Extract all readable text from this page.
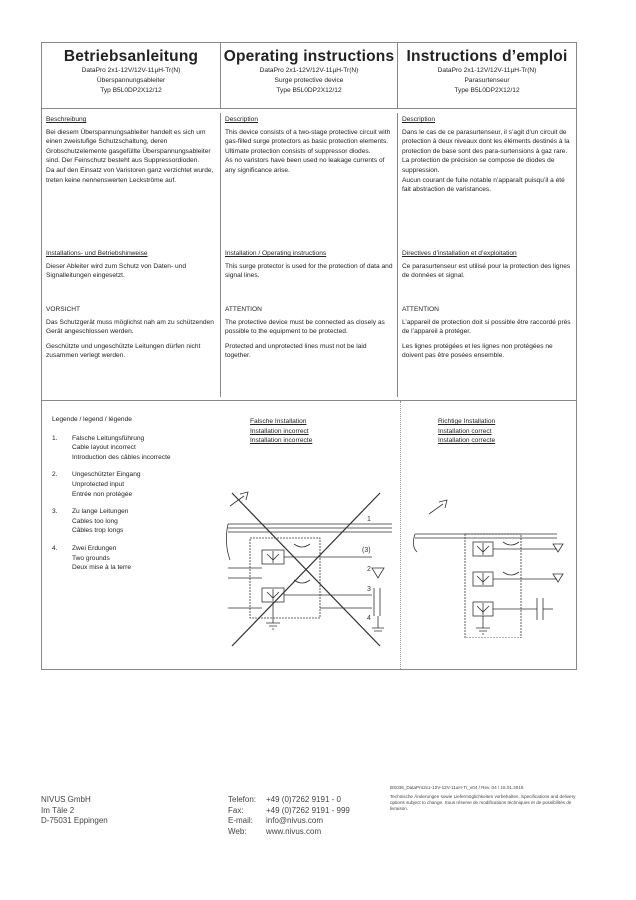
Betriebsanleitung
DataPro 2x1-12V/12V-11µH-Tr(N)
Überspannungsableiter
Typ B5L0DP2X12/12
Operating instructions
DataPro 2x1-12V/12V-11µH-Tr(N)
Surge protective device
Type B5L0DP2X12/12
Instructions d’emploi
DataPro 2x1-12V/12V-11µH-Tr(N)
Parasurtenseur
Type B5L0DP2X12/12
Beschreibung

Bei diesem Überspannungsableiter handelt es sich um einen zweistufige Schutzschaltung, deren Grobschutzelemente gasgefüllte Überspannungsableiter sind. Der Feinschutz besteht aus Suppressordioden.
Da auf den Einsatz von Varistoren ganz verzichtet wurde, treten keine nennenswerten Leckströme auf.

Installations- und Betriebshinweise

Dieser Ableiter wird zum Schutz von Daten- und Signalleitungen eingesetzt.

VORSICHT

Das Schutzgerät muss möglichst nah am zu schützenden Gerät angeschlossen werden.

Geschützte und ungeschützte Leitungen dürfen nicht zusammen verlegt werden.

Description

This device consists of a two-stage protective circuit with gas-filled surge protectors as basic protection elements. Ultimate protection consists of suppressor diodes.
As no varistors have been used no leakage currents of any significance arise.

Installation / Operating instructions

This surge protector is used for the protection of data and signal lines.

ATTENTION

The protective device must be connected as closely as possible to the equipment to be protected.

Protected and unprotected lines must not be laid together.

Description

Dans le cas de ce parasurtenseur, il s’agit d’un circuit de protection à deux niveaux dont les éléments destinés à la protection de base sont des para-surtensions à gaz rare. La protection de précision se compose de diodes de suppression.
Aucun courant de fuite notable n’apparaît puisqu’il a été fait abstraction de varistances.

Directives d’installation et d’exploitation

Ce parasurtenseur est utilisé pour la protection des lignes de données et signal.

ATTENTION

L’appareil de protection doit si possible être raccordé près de l’appareil à protéger.

Les lignes protégées et les lignes non protégées ne doivent pas être posées ensemble.

Legende / legend / légende
1.	Falsche Leitungsführung
Cable layout incorrect
Introduction des câbles incorrecte
2.	Ungeschützter Eingang
Unprotected input
Entrée non protégée
3.	Zu lange Leitungen
Cables too long
Câbles trop longs
4.	Zwei Erdungen
Two grounds
Deux mise à la terre
Falsche Installation
Installation incorrect
Installation incorrecte
Richtige Installation
Installation correct
Installation correcte
1
(3)
2
3
4
NIVUS GmbH
Im Täle 2
D-75031 Eppingen
Telefon:	+49 (0)7262 9191 - 0
Fax:	+49 (0)7262 9191 - 999
E-mail:	info@nivus.com
Web:	www.nivus.com
BS036_DataPro2x1-12V-12V-11uH-Tr_v04 / Rev. 04 / 15.01.2018
Technische Änderungen sowie Liefermöglichkeiten vorbehalten. Specifications and delivery options subject to change. Sous réserve de modifications techniques et de possibilités de livraison.
